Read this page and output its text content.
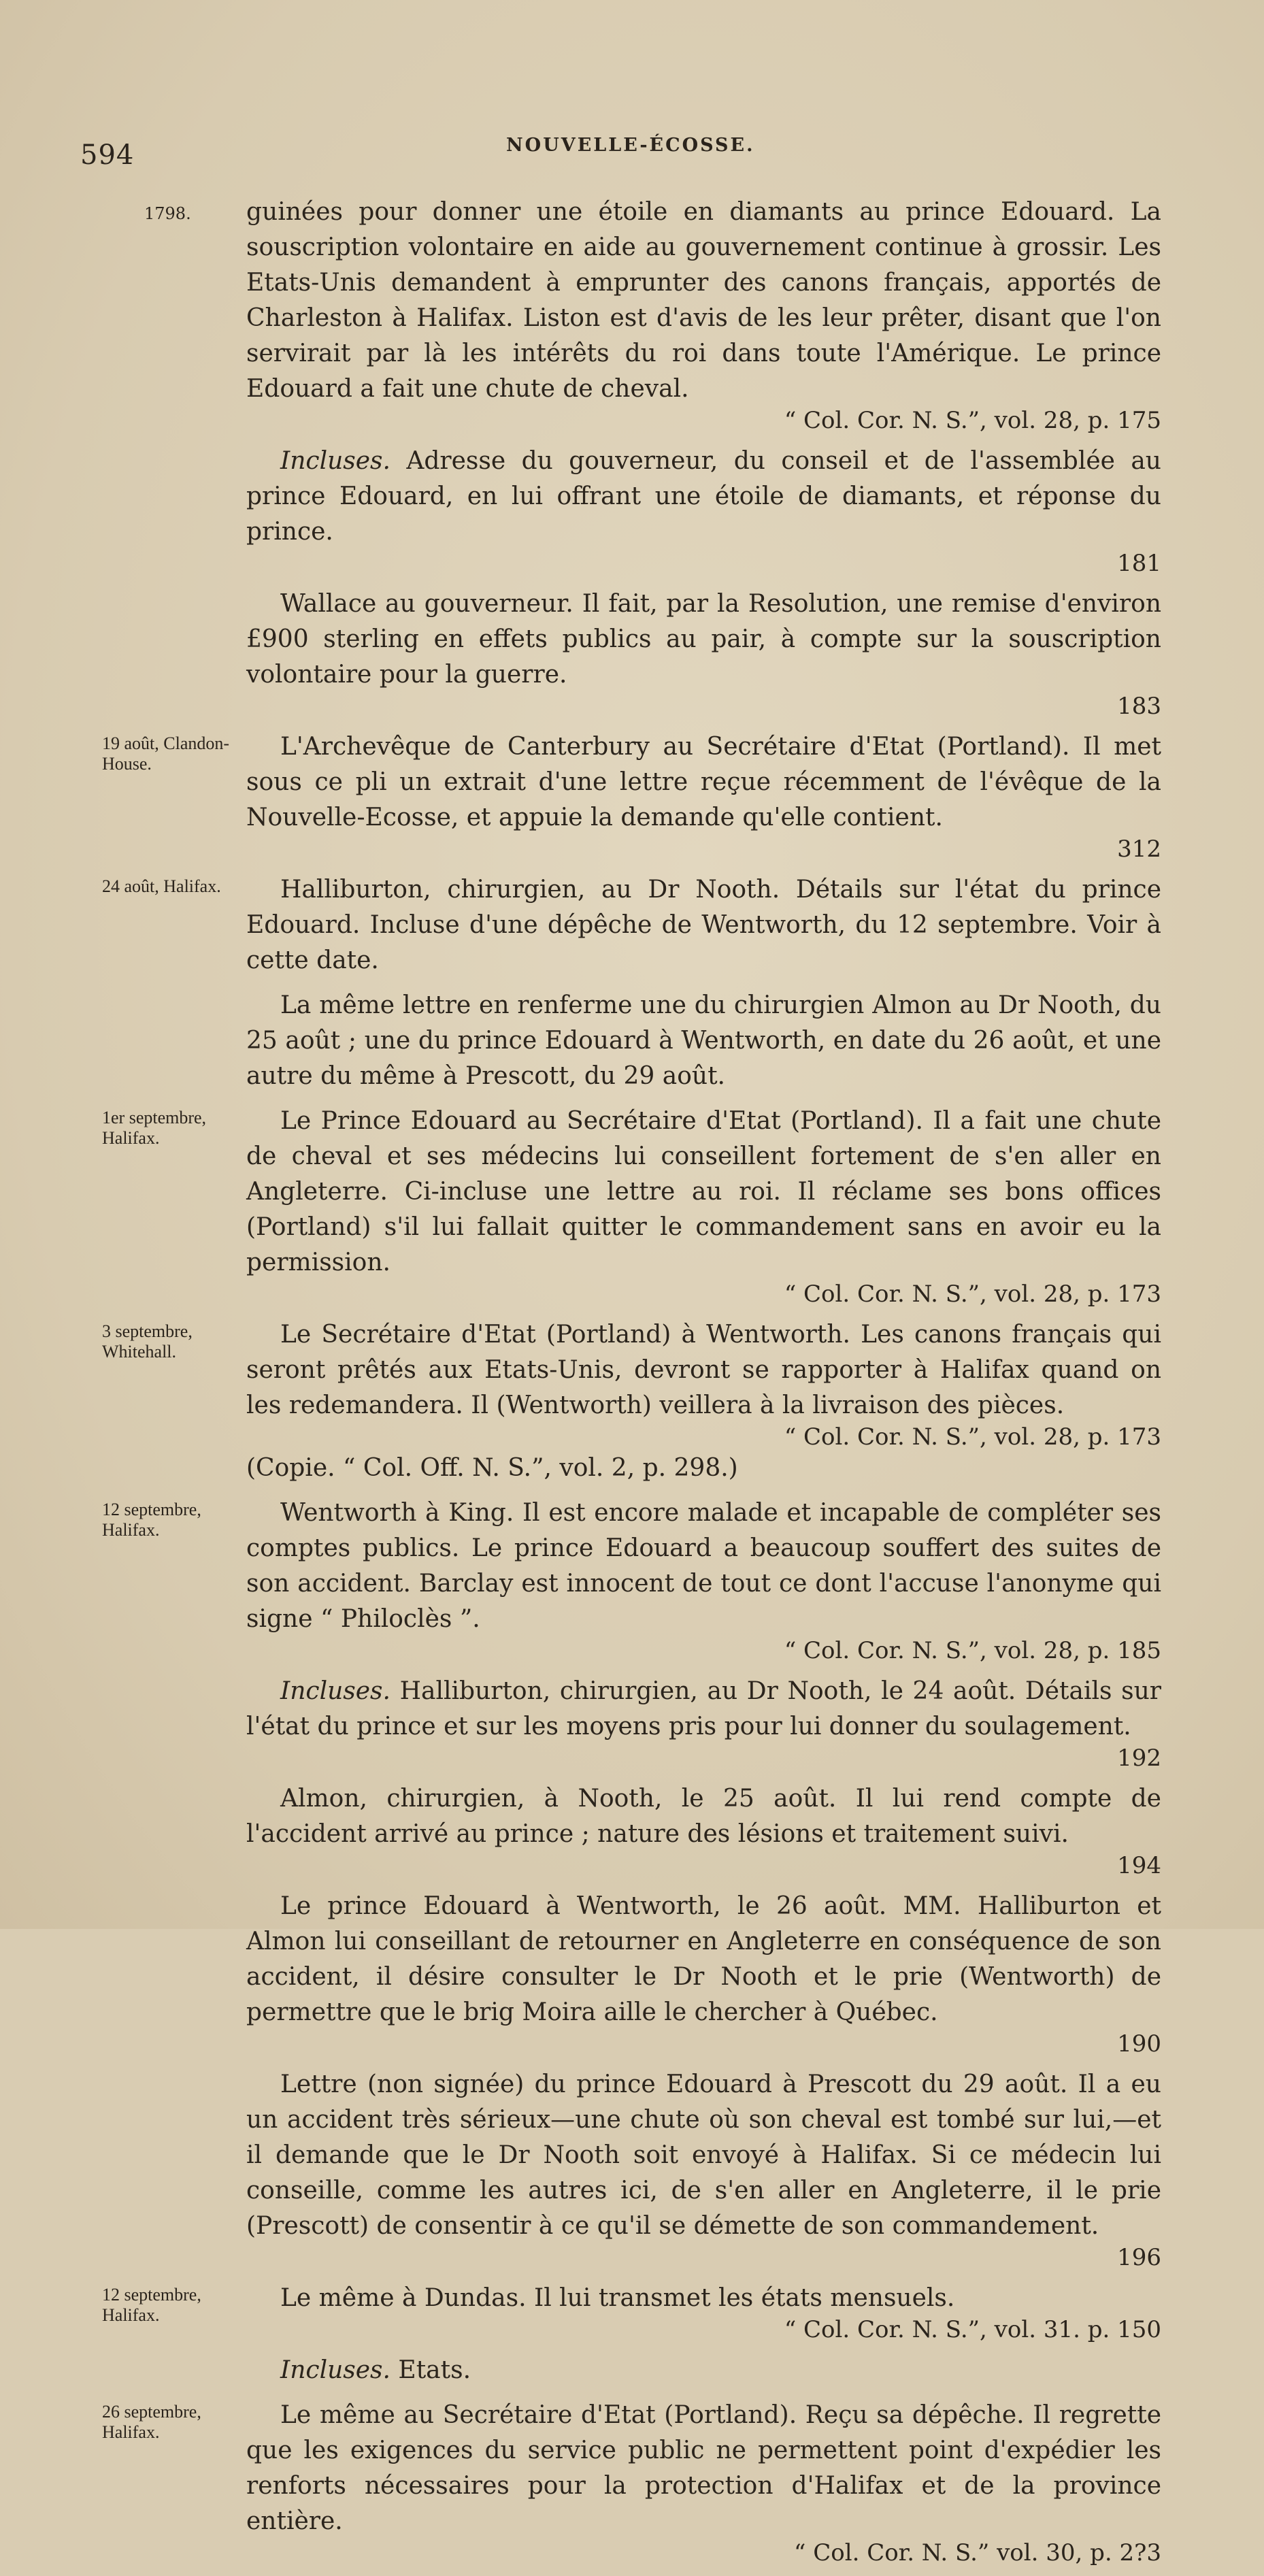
594	NOUVELLE-ÉCOSSE.
1798. guinées pour donner une étoile en diamants au prince Edouard. La souscription volontaire en aide au gouvernement continue à grossir. Les Etats-Unis demandent à emprunter des canons français, apportés de Charleston à Halifax. Liston est d'avis de les leur prêter, disant que l'on servirait par là les intérêts du roi dans toute l'Amérique. Le prince Edouard a fait une chute de cheval.
“ Col. Cor. N. S.”, vol. 28, p. 175
Incluses. Adresse du gouverneur, du conseil et de l'assemblée au prince Edouard, en lui offrant une étoile de diamants, et réponse du prince.
181
Wallace au gouverneur. Il fait, par la Resolution, une remise d'environ £900 sterling en effets publics au pair, à compte sur la souscription volontaire pour la guerre.
183
19 août, Clandon-House.
L'Archevêque de Canterbury au Secrétaire d'Etat (Portland). Il met sous ce pli un extrait d'une lettre reçue récemment de l'évêque de la Nouvelle-Ecosse, et appuie la demande qu'elle contient.
312
24 août, Halifax.	Halliburton, chirurgien, au Dr Nooth. Détails sur l'état du prince Edouard. Incluse d'une dépêche de Wentworth, du 12 septembre. Voir à cette date.
La même lettre en renferme une du chirurgien Almon au Dr Nooth, du 25 août ; une du prince Edouard à Wentworth, en date du 26 août, et une autre du même à Prescott, du 29 août.
1er septembre, Halifax.
Le Prince Edouard au Secrétaire d'Etat (Portland). Il a fait une chute de cheval et ses médecins lui conseillent fortement de s'en aller en Angleterre. Ci-incluse une lettre au roi. Il réclame ses bons offices (Portland) s'il lui fallait quitter le commandement sans en avoir eu la permission.
“ Col. Cor. N. S.”, vol. 28, p. 173
3 septembre, Whitehall.
Le Secrétaire d'Etat (Portland) à Wentworth. Les canons français qui seront prêtés aux Etats-Unis, devront se rapporter à Halifax quand on les redemandera. Il (Wentworth) veillera à la livraison des pièces.
“ Col. Cor. N. S.”, vol. 28, p. 173
(Copie. “ Col. Off. N. S.”, vol. 2, p. 298.)
12 septembre, Halifax.
Wentworth à King. Il est encore malade et incapable de compléter ses comptes publics. Le prince Edouard a beaucoup souffert des suites de son accident. Barclay est innocent de tout ce dont l'accuse l'anonyme qui signe “ Philoclès ”.
“ Col. Cor. N. S.”, vol. 28, p. 185
Incluses. Halliburton, chirurgien, au Dr Nooth, le 24 août. Détails sur l'état du prince et sur les moyens pris pour lui donner du soulagement.
192
Almon, chirurgien, à Nooth, le 25 août. Il lui rend compte de l'accident arrivé au prince ; nature des lésions et traitement suivi.
194
Le prince Edouard à Wentworth, le 26 août. MM. Halliburton et Almon lui conseillant de retourner en Angleterre en conséquence de son accident, il désire consulter le Dr Nooth et le prie (Wentworth) de permettre que le brig Moira aille le chercher à Québec.
190
Lettre (non signée) du prince Edouard à Prescott du 29 août. Il a eu un accident très sérieux—une chute où son cheval est tombé sur lui,—et il demande que le Dr Nooth soit envoyé à Halifax. Si ce médecin lui conseille, comme les autres ici, de s'en aller en Angleterre, il le prie (Prescott) de consentir à ce qu'il se démette de son commandement.
196
12 septembre, Halifax.
Le même à Dundas. Il lui transmet les états mensuels.
“ Col. Cor. N. S.”, vol. 31. p. 150
Incluses. Etats.
26 septembre, Halifax.
Le même au Secrétaire d'Etat (Portland). Reçu sa dépêche. Il regrette que les exigences du service public ne permettent point d'expédier les renforts nécessaires pour la protection d'Halifax et de la province entière.
“ Col. Cor. N. S.” vol. 30, p. 2?3
